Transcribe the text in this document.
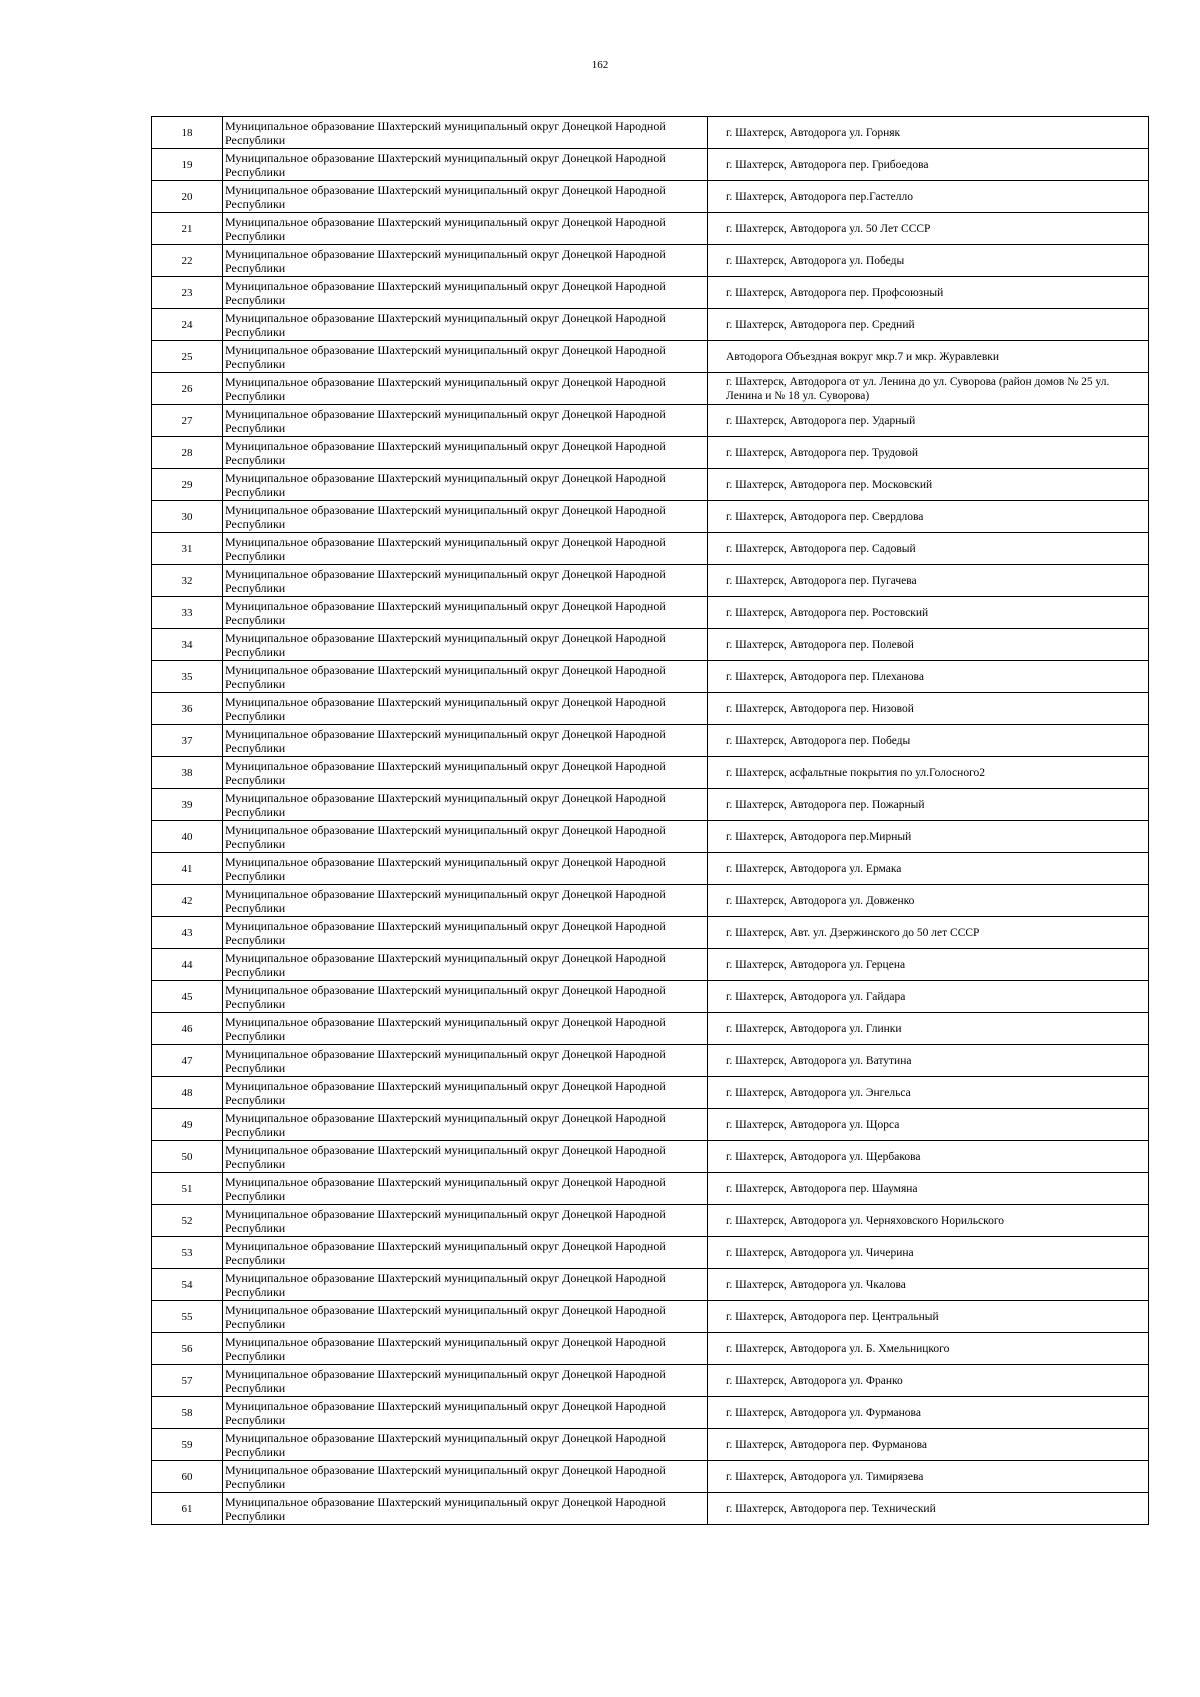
162
18	Муниципальное образование Шахтерский муниципальный округ Донецкой Народной Республики	г. Шахтерск, Автодорога ул. Горняк
19	Муниципальное образование Шахтерский муниципальный округ Донецкой Народной Республики	г. Шахтерск, Автодорога пер. Грибоедова
20	Муниципальное образование Шахтерский муниципальный округ Донецкой Народной Республики	г. Шахтерск, Автодорога пер.Гастелло
21	Муниципальное образование Шахтерский муниципальный округ Донецкой Народной Республики	г. Шахтерск, Автодорога ул. 50 Лет СССР
22	Муниципальное образование Шахтерский муниципальный округ Донецкой Народной Республики	г. Шахтерск, Автодорога ул. Победы
23	Муниципальное образование Шахтерский муниципальный округ Донецкой Народной Республики	г. Шахтерск, Автодорога пер. Профсоюзный
24	Муниципальное образование Шахтерский муниципальный округ Донецкой Народной Республики	г. Шахтерск, Автодорога пер. Средний
25	Муниципальное образование Шахтерский муниципальный округ Донецкой Народной Республики	Автодорога Объездная вокруг мкр.7 и мкр. Журавлевки
26	Муниципальное образование Шахтерский муниципальный округ Донецкой Народной Республики	г. Шахтерск, Автодорога от ул. Ленина до ул. Суворова (район домов № 25 ул. Ленина и № 18 ул. Суворова)
27	Муниципальное образование Шахтерский муниципальный округ Донецкой Народной Республики	г. Шахтерск, Автодорога пер. Ударный
28	Муниципальное образование Шахтерский муниципальный округ Донецкой Народной Республики	г. Шахтерск, Автодорога пер. Трудовой
29	Муниципальное образование Шахтерский муниципальный округ Донецкой Народной Республики	г. Шахтерск, Автодорога пер. Московский
30	Муниципальное образование Шахтерский муниципальный округ Донецкой Народной Республики	г. Шахтерск, Автодорога пер. Свердлова
31	Муниципальное образование Шахтерский муниципальный округ Донецкой Народной Республики	г. Шахтерск, Автодорога пер. Садовый
32	Муниципальное образование Шахтерский муниципальный округ Донецкой Народной Республики	г. Шахтерск, Автодорога пер. Пугачева
33	Муниципальное образование Шахтерский муниципальный округ Донецкой Народной Республики	г. Шахтерск, Автодорога пер. Ростовский
34	Муниципальное образование Шахтерский муниципальный округ Донецкой Народной Республики	г. Шахтерск, Автодорога пер. Полевой
35	Муниципальное образование Шахтерский муниципальный округ Донецкой Народной Республики	г. Шахтерск, Автодорога пер. Плеханова
36	Муниципальное образование Шахтерский муниципальный округ Донецкой Народной Республики	г. Шахтерск, Автодорога пер. Низовой
37	Муниципальное образование Шахтерский муниципальный округ Донецкой Народной Республики	г. Шахтерск, Автодорога пер. Победы
38	Муниципальное образование Шахтерский муниципальный округ Донецкой Народной Республики	г. Шахтерск, асфальтные покрытия по ул.Голосного2
39	Муниципальное образование Шахтерский муниципальный округ Донецкой Народной Республики	г. Шахтерск, Автодорога пер. Пожарный
40	Муниципальное образование Шахтерский муниципальный округ Донецкой Народной Республики	г. Шахтерск, Автодорога пер.Мирный
41	Муниципальное образование Шахтерский муниципальный округ Донецкой Народной Республики	г. Шахтерск, Автодорога ул. Ермака
42	Муниципальное образование Шахтерский муниципальный округ Донецкой Народной Республики	г. Шахтерск, Автодорога ул. Довженко
43	Муниципальное образование Шахтерский муниципальный округ Донецкой Народной Республики	г. Шахтерск, Авт. ул. Дзержинского до 50 лет СССР
44	Муниципальное образование Шахтерский муниципальный округ Донецкой Народной Республики	г. Шахтерск, Автодорога ул. Герцена
45	Муниципальное образование Шахтерский муниципальный округ Донецкой Народной Республики	г. Шахтерск, Автодорога ул. Гайдара
46	Муниципальное образование Шахтерский муниципальный округ Донецкой Народной Республики	г. Шахтерск, Автодорога ул. Глинки
47	Муниципальное образование Шахтерский муниципальный округ Донецкой Народной Республики	г. Шахтерск, Автодорога ул. Ватутина
48	Муниципальное образование Шахтерский муниципальный округ Донецкой Народной Республики	г. Шахтерск, Автодорога ул. Энгельса
49	Муниципальное образование Шахтерский муниципальный округ Донецкой Народной Республики	г. Шахтерск, Автодорога ул. Щорса
50	Муниципальное образование Шахтерский муниципальный округ Донецкой Народной Республики	г. Шахтерск, Автодорога ул. Щербакова
51	Муниципальное образование Шахтерский муниципальный округ Донецкой Народной Республики	г. Шахтерск, Автодорога пер. Шаумяна
52	Муниципальное образование Шахтерский муниципальный округ Донецкой Народной Республики	г. Шахтерск, Автодорога ул. Черняховского Норильского
53	Муниципальное образование Шахтерский муниципальный округ Донецкой Народной Республики	г. Шахтерск, Автодорога ул. Чичерина
54	Муниципальное образование Шахтерский муниципальный округ Донецкой Народной Республики	г. Шахтерск, Автодорога ул. Чкалова
55	Муниципальное образование Шахтерский муниципальный округ Донецкой Народной Республики	г. Шахтерск, Автодорога пер. Центральный
56	Муниципальное образование Шахтерский муниципальный округ Донецкой Народной Республики	г. Шахтерск, Автодорога ул. Б. Хмельницкого
57	Муниципальное образование Шахтерский муниципальный округ Донецкой Народной Республики	г. Шахтерск, Автодорога ул. Франко
58	Муниципальное образование Шахтерский муниципальный округ Донецкой Народной Республики	г. Шахтерск, Автодорога ул. Фурманова
59	Муниципальное образование Шахтерский муниципальный округ Донецкой Народной Республики	г. Шахтерск, Автодорога пер. Фурманова
60	Муниципальное образование Шахтерский муниципальный округ Донецкой Народной Республики	г. Шахтерск, Автодорога ул. Тимирязева
61	Муниципальное образование Шахтерский муниципальный округ Донецкой Народной Республики	г. Шахтерск, Автодорога пер. Технический
